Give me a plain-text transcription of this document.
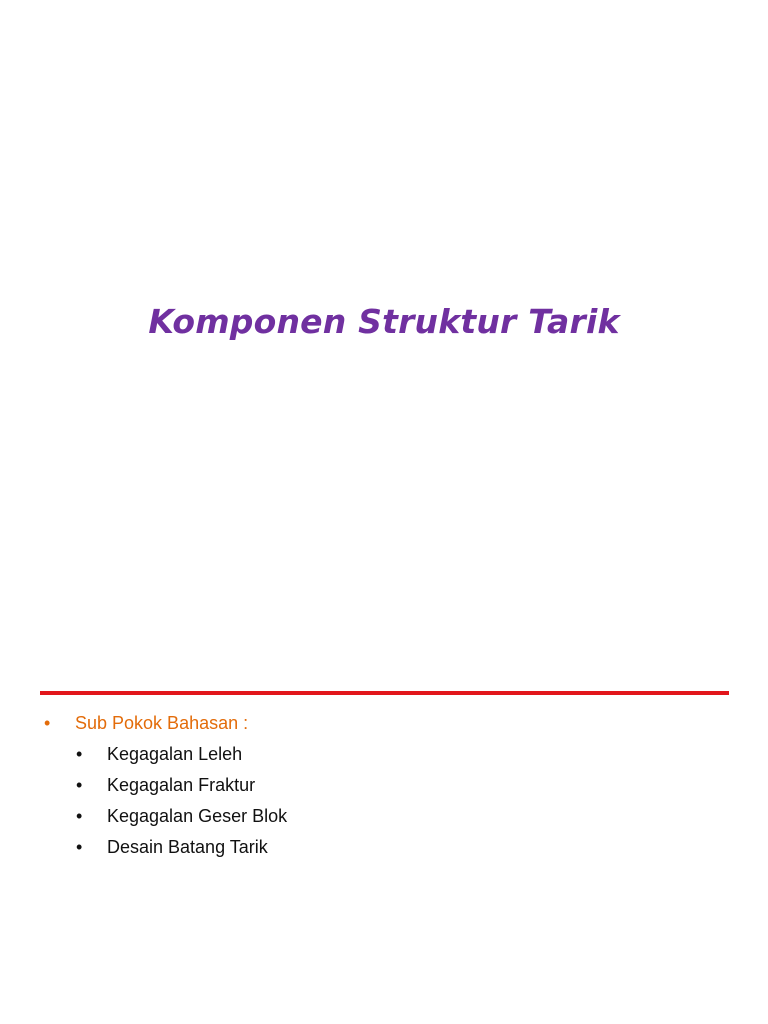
Komponen Struktur Tarik
• Sub Pokok Bahasan :
• Kegagalan Leleh
• Kegagalan Fraktur
• Kegagalan Geser Blok
• Desain Batang Tarik
